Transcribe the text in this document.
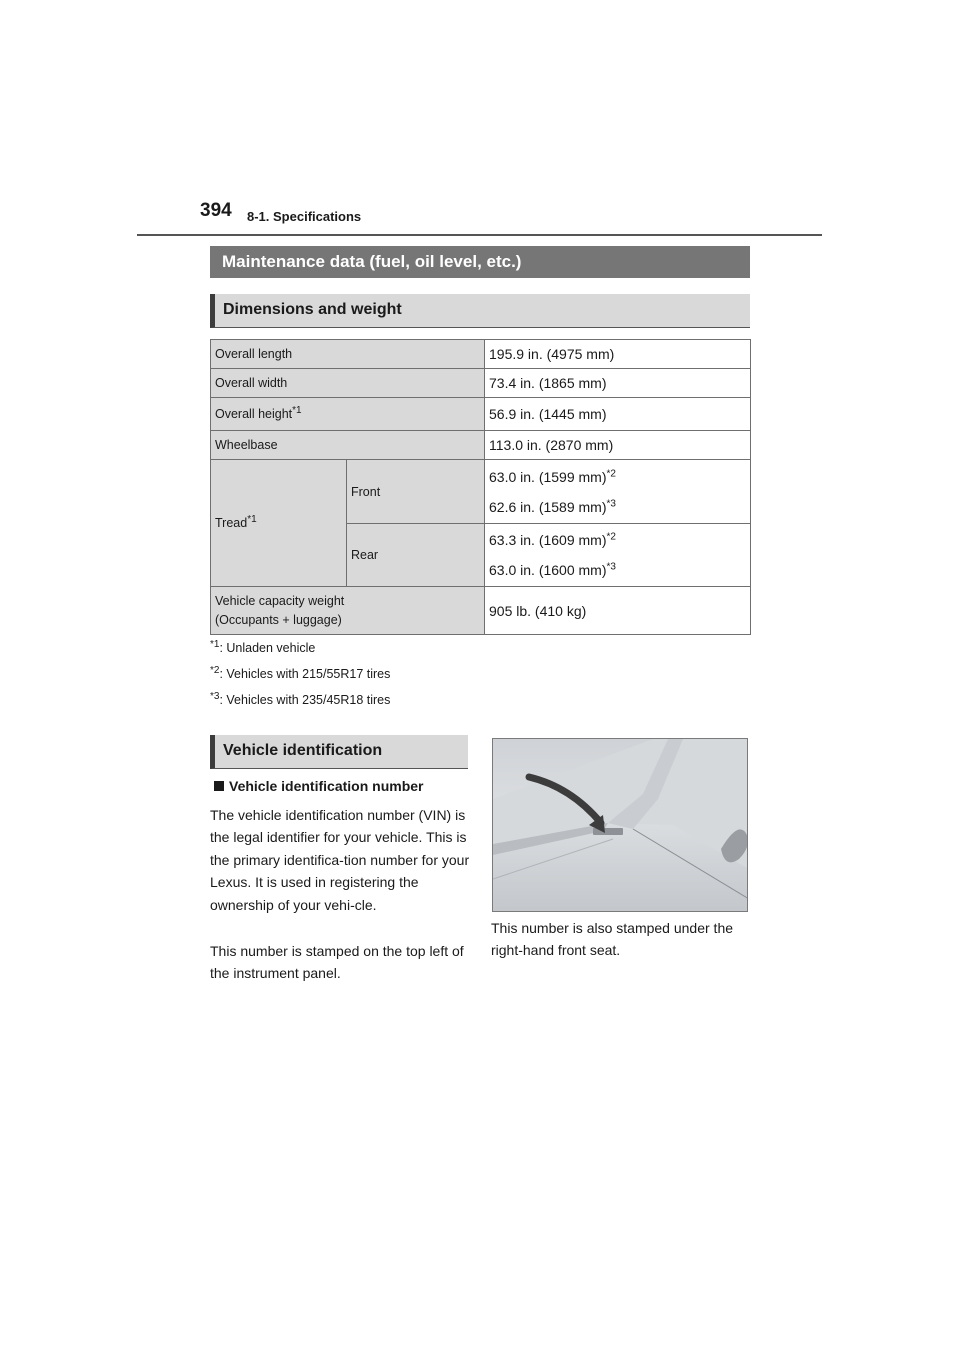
394 8-1. Specifications
Maintenance data (fuel, oil level, etc.)
Dimensions and weight
Overall length		195.9 in. (4975 mm)
Overall width		73.4 in. (1865 mm)
Overall height$^{*1}$		56.9 in. (1445 mm)
Wheelbase		113.0 in. (2870 mm)
Tread$^{*1}$	Front	63.0 in. (1599 mm)$^{*2}$
62.6 in. (1589 mm)$^{*3}$

	Rear	63.3 in. (1609 mm)$^{*2}$
63.0 in. (1600 mm)$^{*3}$

Vehicle capacity weight
(Occupants + luggage)		905 lb. (410 kg)
$^{*1}$: Unladen vehicle
$^{*2}$: Vehicles with 215/55R17 tires
$^{*3}$: Vehicles with 235/45R18 tires
Vehicle identification
Vehicle identification number
The vehicle identification number (VIN) is the legal identifier for your vehicle. This is the primary identifica-tion number for your Lexus. It is used in registering the ownership of your vehi-cle.
This number is stamped on the top left of the instrument panel.
This number is also stamped under the right-hand front seat.
